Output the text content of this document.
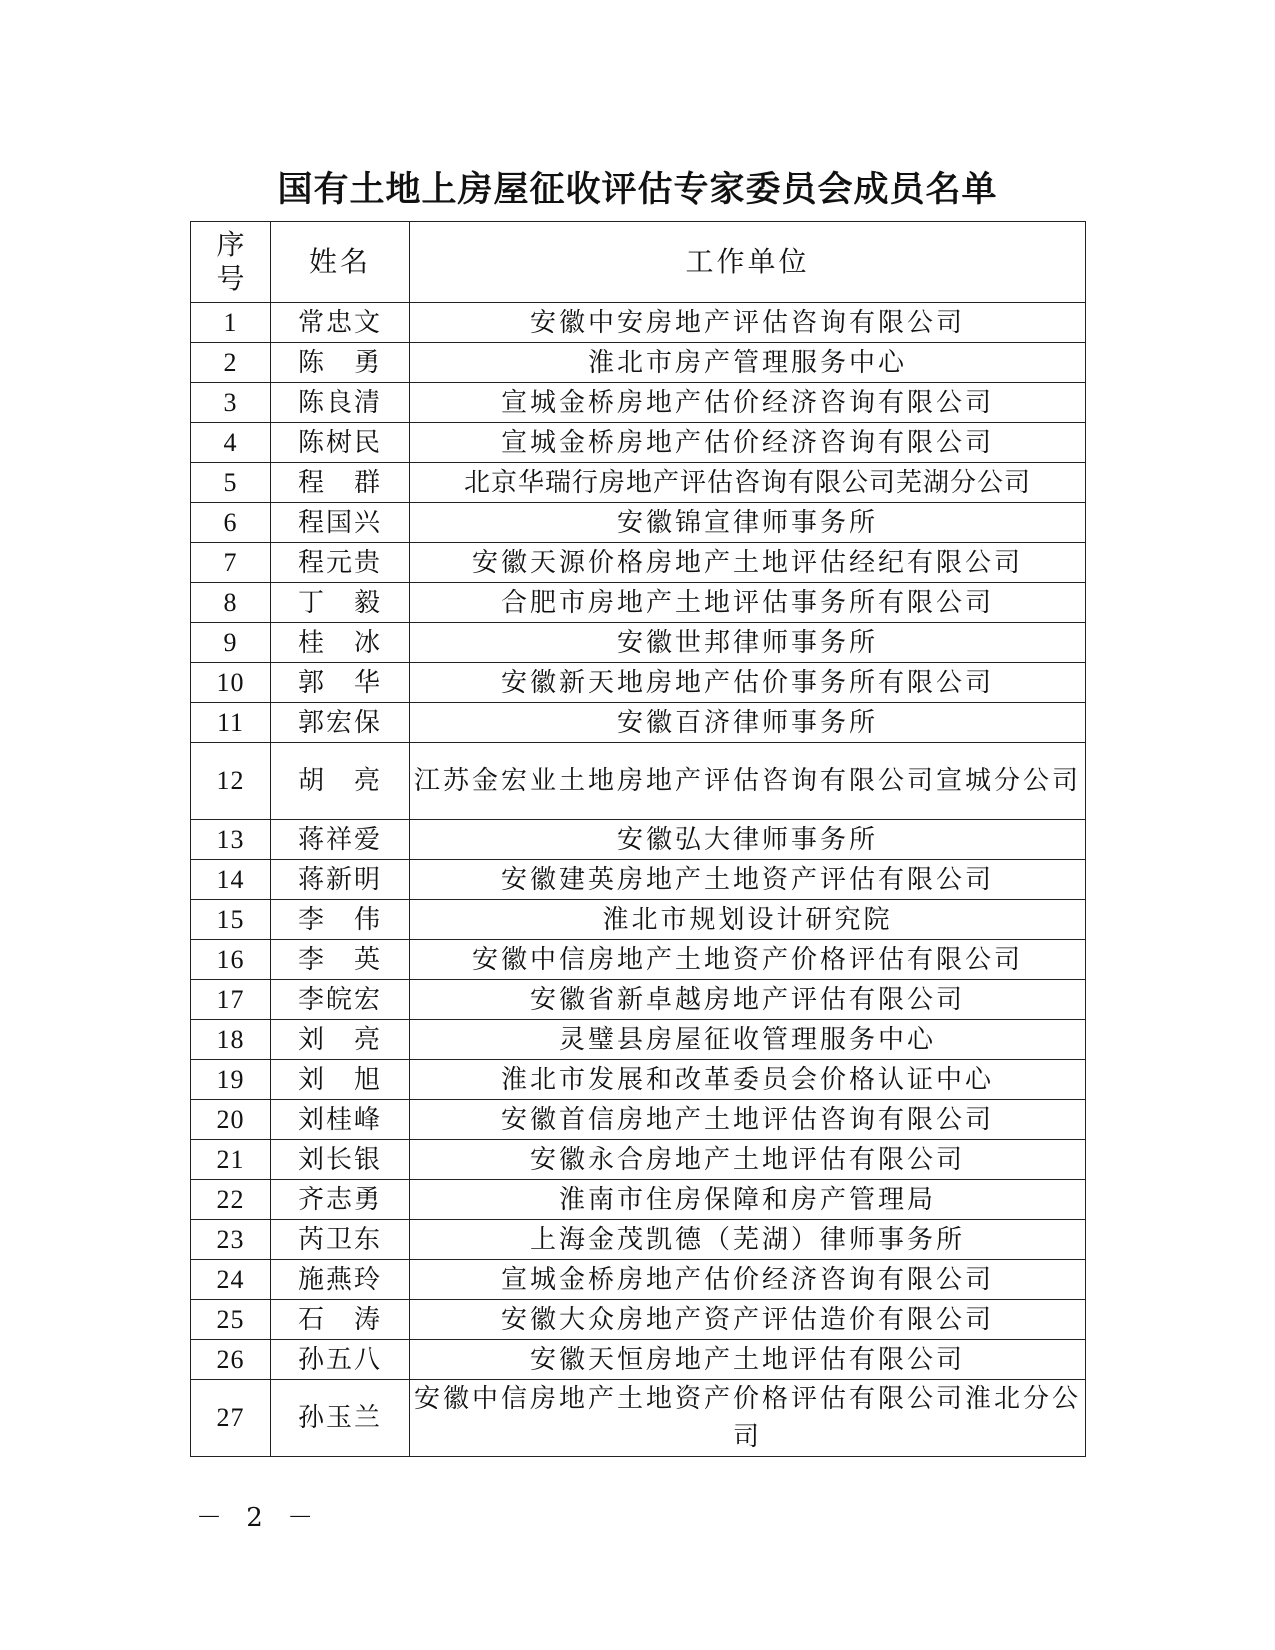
国有土地上房屋征收评估专家委员会成员名单
序号	姓名	工作单位
1	常忠文	安徽中安房地产评估咨询有限公司
2	陈　勇	淮北市房产管理服务中心
3	陈良清	宣城金桥房地产估价经济咨询有限公司
4	陈树民	宣城金桥房地产估价经济咨询有限公司
5	程　群	北京华瑞行房地产评估咨询有限公司芜湖分公司
6	程国兴	安徽锦宣律师事务所
7	程元贵	安徽天源价格房地产土地评估经纪有限公司
8	丁　毅	合肥市房地产土地评估事务所有限公司
9	桂　冰	安徽世邦律师事务所
10	郭　华	安徽新天地房地产估价事务所有限公司
11	郭宏保	安徽百济律师事务所
12	胡　亮	江苏金宏业土地房地产评估咨询有限公司宣城分公司
13	蒋祥爱	安徽弘大律师事务所
14	蒋新明	安徽建英房地产土地资产评估有限公司
15	李　伟	淮北市规划设计研究院
16	李　英	安徽中信房地产土地资产价格评估有限公司
17	李皖宏	安徽省新卓越房地产评估有限公司
18	刘　亮	灵璧县房屋征收管理服务中心
19	刘　旭	淮北市发展和改革委员会价格认证中心
20	刘桂峰	安徽首信房地产土地评估咨询有限公司
21	刘长银	安徽永合房地产土地评估有限公司
22	齐志勇	淮南市住房保障和房产管理局
23	芮卫东	上海金茂凯德（芜湖）律师事务所
24	施燕玲	宣城金桥房地产估价经济咨询有限公司
25	石　涛	安徽大众房地产资产评估造价有限公司
26	孙五八	安徽天恒房地产土地评估有限公司
27	孙玉兰	安徽中信房地产土地资产价格评估有限公司淮北分公司
－ 2 －
